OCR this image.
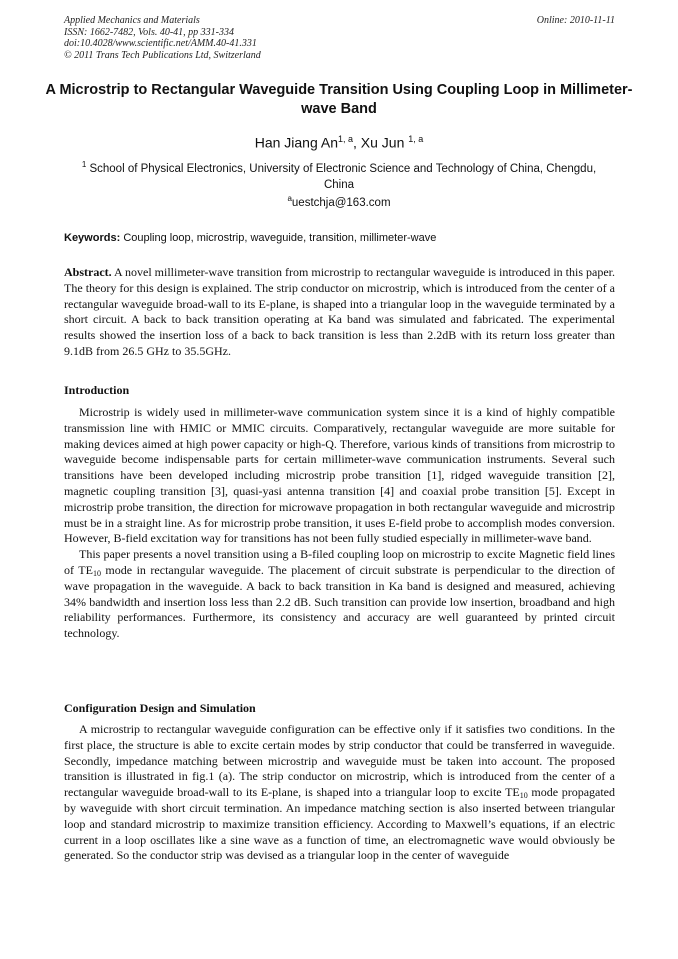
Applied Mechanics and Materials
ISSN: 1662-7482, Vols. 40-41, pp 331-334
doi:10.4028/www.scientific.net/AMM.40-41.331
© 2011 Trans Tech Publications Ltd, Switzerland
Online: 2010-11-11
A Microstrip to Rectangular Waveguide Transition Using Coupling Loop in Millimeter-wave Band
Han Jiang An$^{1, a}$, Xu Jun $^{1, a}$
$^1$ School of Physical Electronics, University of Electronic Science and Technology of China, Chengdu, China
$^a$uestchja@163.com
Keywords: Coupling loop, microstrip, waveguide, transition, millimeter-wave

Abstract. A novel millimeter-wave transition from microstrip to rectangular waveguide is introduced in this paper. The theory for this design is explained. The strip conductor on microstrip, which is introduced from the center of a rectangular waveguide broad-wall to its E-plane, is shaped into a triangular loop in the waveguide terminated by a short circuit. A back to back transition operating at Ka band was simulated and fabricated. The experimental results showed the insertion loss of a back to back transition is less than 2.2dB with its return loss greater than 9.1dB from 26.5 GHz to 35.5GHz.

Introduction

Microstrip is widely used in millimeter-wave communication system since it is a kind of highly compatible transmission line with HMIC or MMIC circuits. Comparatively, rectangular waveguide are more suitable for making devices aimed at high power capacity or high-Q. Therefore, various kinds of transitions from microstrip to waveguide become indispensable parts for certain millimeter-wave communication instruments. Several such transitions have been developed including microstrip probe transition [1], ridged waveguide transition [2], magnetic coupling transition [3], quasi-yasi antenna transition [4] and coaxial probe transition [5]. Except in microstrip probe transition, the direction for microwave propagation in both rectangular waveguide and microstrip must be in a straight line. As for microstrip probe transition, it uses E-field probe to accomplish modes conversion. However, B-field excitation way for transitions has not been fully studied especially in millimeter-wave band.

This paper presents a novel transition using a B-filed coupling loop on microstrip to excite Magnetic field lines of $TE_{10}$ mode in rectangular waveguide. The placement of circuit substrate is perpendicular to the direction of wave propagation in the waveguide. A back to back transition in Ka band is designed and measured, achieving 34% bandwidth and insertion loss less than 2.2 dB. Such transition can provide low insertion, broadband and high reliability performances. Furthermore, its consistency and accuracy are well guaranteed by printed circuit technology.

Configuration Design and Simulation

A microstrip to rectangular waveguide configuration can be effective only if it satisfies two conditions. In the first place, the structure is able to excite certain modes by strip conductor that could be transferred in waveguide. Secondly, impedance matching between microstrip and waveguide must be taken into account. The proposed transition is illustrated in fig.1 (a). The strip conductor on microstrip, which is introduced from the center of a rectangular waveguide broad-wall to its E-plane, is shaped into a triangular loop to excite $TE_{10}$ mode propagated by waveguide with short circuit termination. An impedance matching section is also inserted between triangular loop and standard microstrip to maximize transition efficiency. According to Maxwell’s equations, if an electric current in a loop oscillates like a sine wave as a function of time, an electromagnetic wave would obviously be generated. So the conductor strip was devised as a triangular loop in the center of waveguide
